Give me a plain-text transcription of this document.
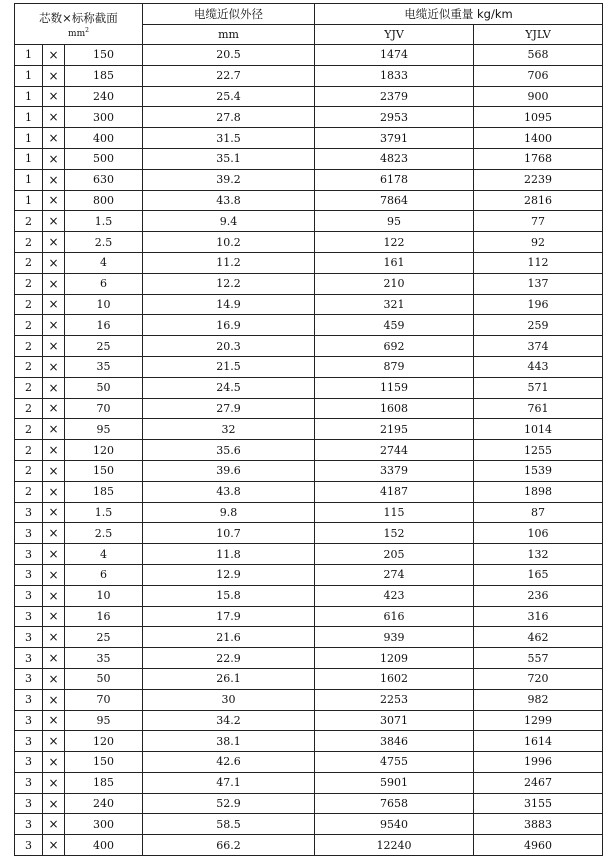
芯数×标称截面
$mm^2$			电缆近似外径	电缆近似重量 kg/km	
			mm	YJV	YJLV
1	×	150	20.5	1474	568
1	×	185	22.7	1833	706
1	×	240	25.4	2379	900
1	×	300	27.8	2953	1095
1	×	400	31.5	3791	1400
1	×	500	35.1	4823	1768
1	×	630	39.2	6178	2239
1	×	800	43.8	7864	2816
2	×	1.5	9.4	95	77
2	×	2.5	10.2	122	92
2	×	4	11.2	161	112
2	×	6	12.2	210	137
2	×	10	14.9	321	196
2	×	16	16.9	459	259
2	×	25	20.3	692	374
2	×	35	21.5	879	443
2	×	50	24.5	1159	571
2	×	70	27.9	1608	761
2	×	95	32	2195	1014
2	×	120	35.6	2744	1255
2	×	150	39.6	3379	1539
2	×	185	43.8	4187	1898
3	×	1.5	9.8	115	87
3	×	2.5	10.7	152	106
3	×	4	11.8	205	132
3	×	6	12.9	274	165
3	×	10	15.8	423	236
3	×	16	17.9	616	316
3	×	25	21.6	939	462
3	×	35	22.9	1209	557
3	×	50	26.1	1602	720
3	×	70	30	2253	982
3	×	95	34.2	3071	1299
3	×	120	38.1	3846	1614
3	×	150	42.6	4755	1996
3	×	185	47.1	5901	2467
3	×	240	52.9	7658	3155
3	×	300	58.5	9540	3883
3	×	400	66.2	12240	4960
